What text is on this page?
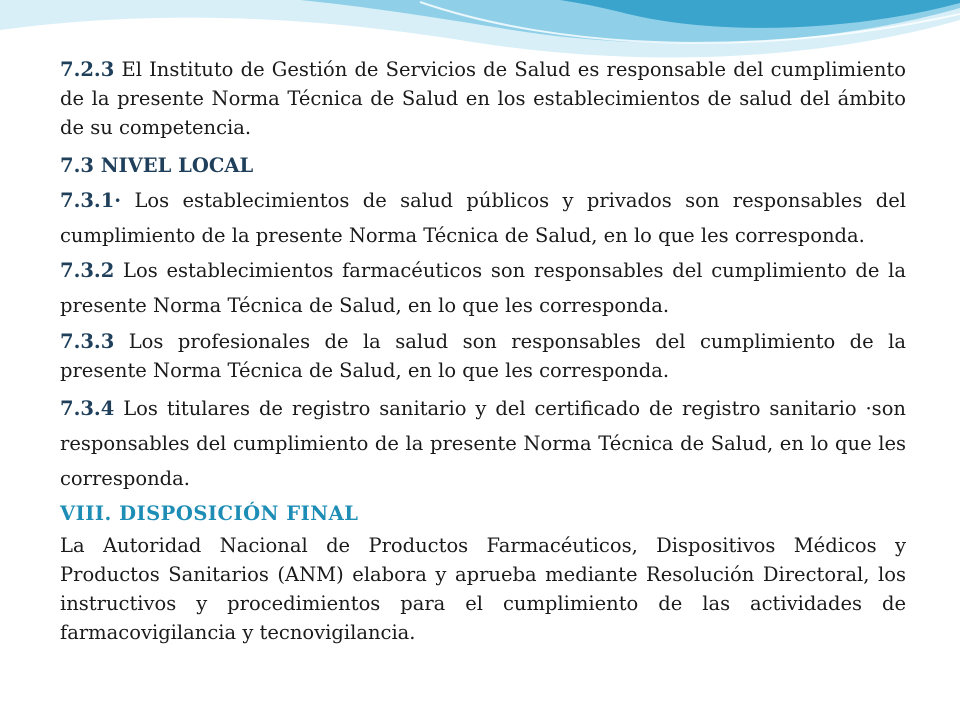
7.2.3 El Instituto de Gestión de Servicios de Salud es responsable del cumplimiento de la presente Norma Técnica de Salud en los establecimientos de salud del ámbito de su competencia.

7.3 NIVEL LOCAL

7.3.1· Los establecimientos de salud públicos y privados son responsables del cumplimiento de la presente Norma Técnica de Salud, en lo que les corresponda.

7.3.2 Los establecimientos farmacéuticos son responsables del cumplimiento de la presente Norma Técnica de Salud, en lo que les corresponda.

7.3.3 Los profesionales de la salud son responsables del cumplimiento de la presente Norma Técnica de Salud, en lo que les corresponda.

7.3.4 Los titulares de registro sanitario y del certificado de registro sanitario ·son responsables del cumplimiento de la presente Norma Técnica de Salud, en lo que les corresponda.

VIII. DISPOSICIÓN FINAL

La Autoridad Nacional de Productos Farmacéuticos, Dispositivos Médicos y Productos Sanitarios (ANM) elabora y aprueba mediante Resolución Directoral, los instructivos y procedimientos para el cumplimiento de las actividades de farmacovigilancia y tecnovigilancia.
